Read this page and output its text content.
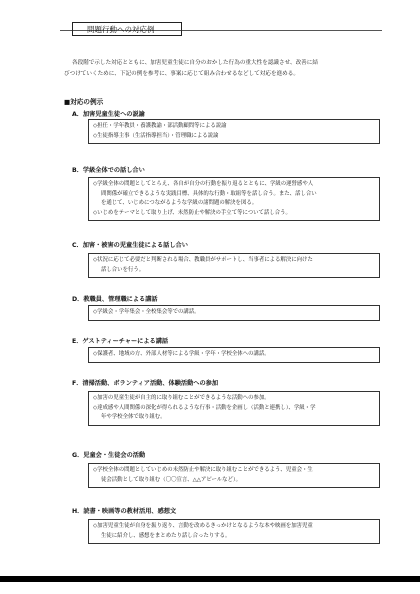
問題行動への対応例
各段階で示した対応とともに、加害児童生徒に自分のおかした行為の重大性を認識させ、改善に結
びつけていくために、下記の例を参考に、事案に応じて組み合わせるなどして対応を進める。
■対応の例示
A．加害児童生徒への説諭
◇担任・学年教員・養護教諭・部活動顧問等による説諭
◇生徒指導主事（生活指導担当）・管理職による説論
B．学級全体での話し合い
◇学級全体の問題としてとらえ、各自が自分の行動を振り返るとともに、学級の運營感や人
間関係が確立できるような実践目標、具体的な行動・取組等を話し合う。また、話し合い
を通じて、いじめにつながるような学級の諸問題の解決を図る。
◇いじめをテーマとして取り上げ、未然防止や解決の手立て等について話し合う。
C．加害・被害の児童生徒による話し合い
◇状況に応じて必要だと判断される場合、教職員がサポートし、当事者による解決に向けた
話し合いを行う。
D．教職員、管理職による講話
◇学級会・学年集会・全校集会等での講話。
E．ゲストティーチャーによる講話
◇保護者、地域の方、外部人材等による学級・学年・学校全体への講話。
F．清掃活動、ボランティア活動、体験活動への参加
◇加害の児童生徒が自主的に取り組むことができるような活動への参加。
◇達成感や人間関係の深化が得られるような行事・活動を企画し（活動と連携し）、学級・学
年や学校全体で取り組む。
G．児童会・生徒会の活動
◇学校全体の問題としていじめの未然防止や解決に取り組むことができるよう、児童会・生
徒会活動として取り組む（〇〇宣言、△△アピールなど）。
H．読書・映画等の教材活用、感想文
◇加害児童生徒が自身を振り返り、言動を改めるきっかけとなるような本や映画を加害児童
生徒に紹介し、感想をまとめたり話し合ったりする。
